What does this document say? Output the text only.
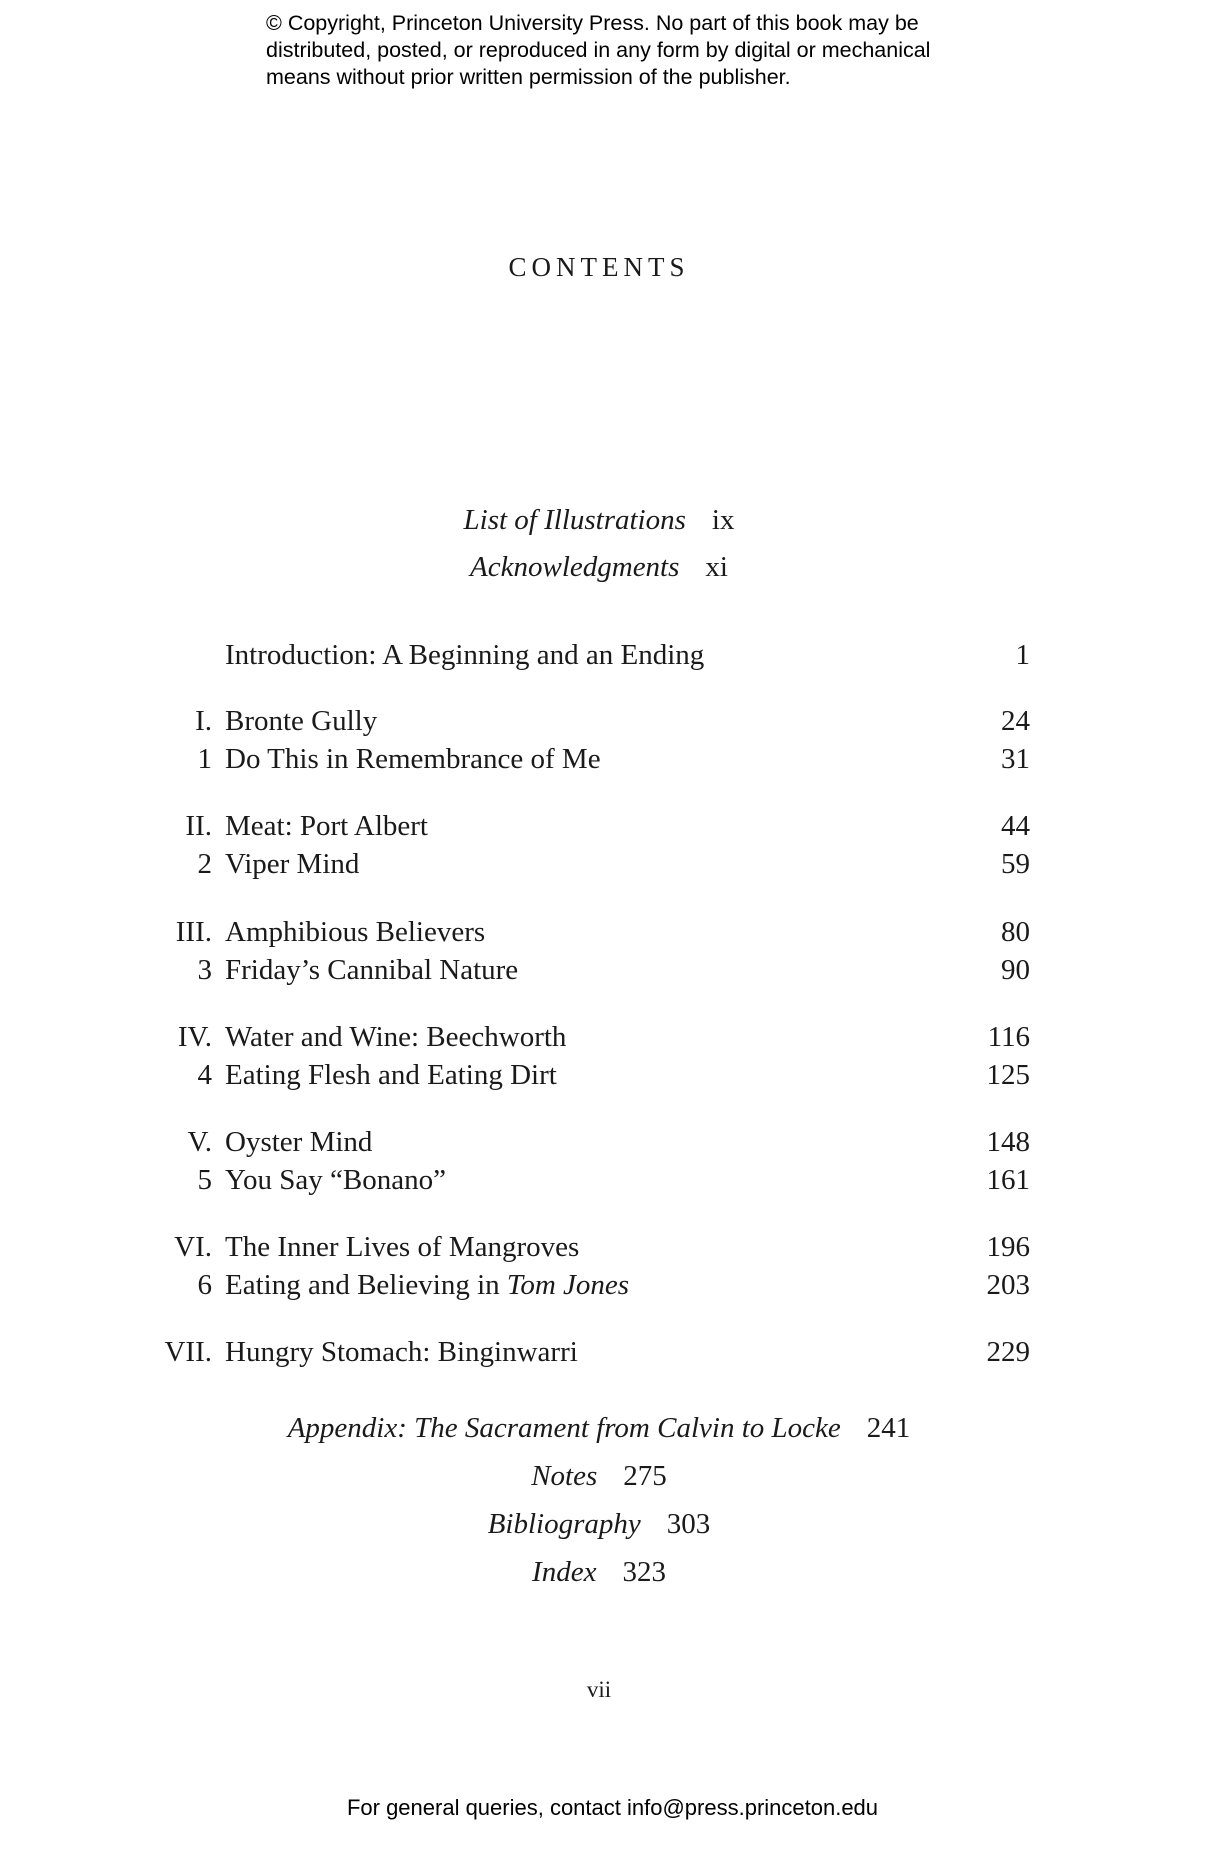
© Copyright, Princeton University Press. No part of this book may be
distributed, posted, or reproduced in any form by digital or mechanical
means without prior written permission of the publisher.
CONTENTS
List of Illustrations ix
Acknowledgments xi
Introduction: A Beginning and an Ending	1
I. Bronte Gully	24
1 Do This in Remembrance of Me	31
II. Meat: Port Albert	44
2 Viper Mind	59
III. Amphibious Believers	80
3 Friday’s Cannibal Nature	90
IV. Water and Wine: Beechworth	116
4 Eating Flesh and Eating Dirt	125
V. Oyster Mind	148
5 You Say “Bonano”	161
VI. The Inner Lives of Mangroves	196
6 Eating and Believing in Tom Jones	203
VII. Hungry Stomach: Binginwarri	229
Appendix: The Sacrament from Calvin to Locke 241
Notes 275
Bibliography 303
Index 323
vii
For general queries, contact info@press.princeton.edu
